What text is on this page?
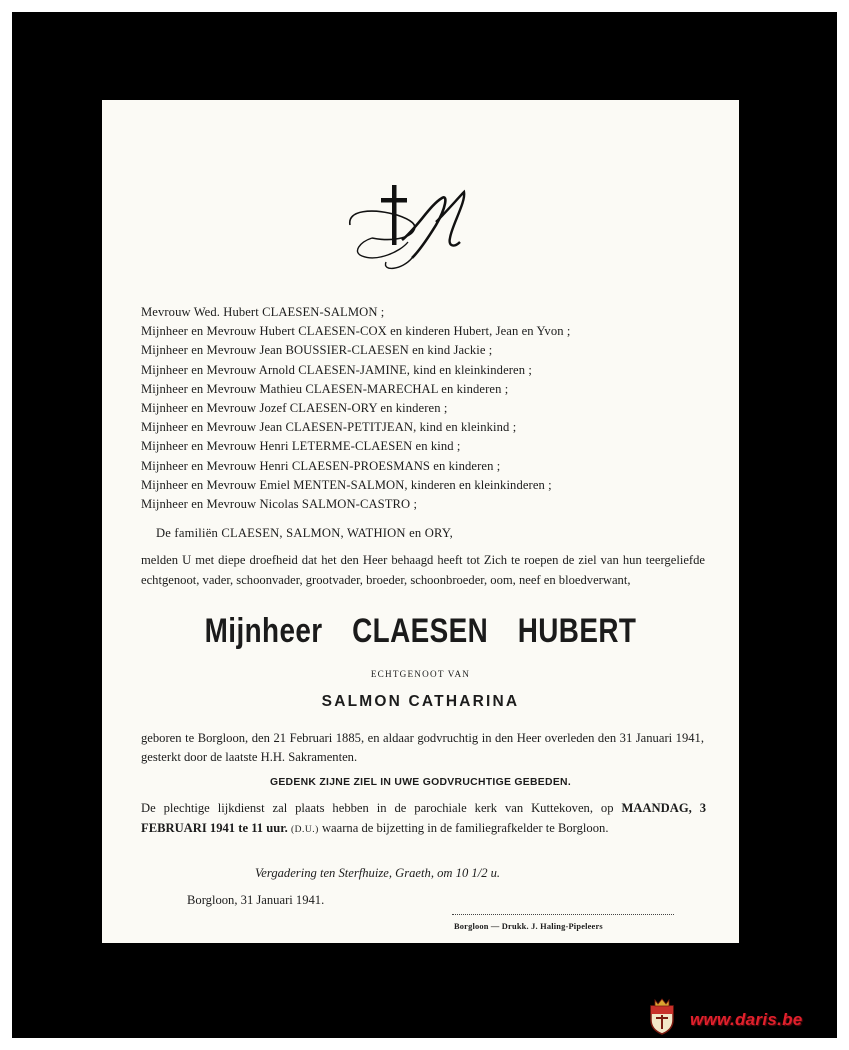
Mevrouw Wed. Hubert CLAESEN-SALMON ;
Mijnheer en Mevrouw Hubert CLAESEN-COX en kinderen Hubert, Jean en Yvon ;
Mijnheer en Mevrouw Jean BOUSSIER-CLAESEN en kind Jackie ;
Mijnheer en Mevrouw Arnold CLAESEN-JAMINE, kind en kleinkinderen ;
Mijnheer en Mevrouw Mathieu CLAESEN-MARECHAL en kinderen ;
Mijnheer en Mevrouw Jozef CLAESEN-ORY en kinderen ;
Mijnheer en Mevrouw Jean CLAESEN-PETITJEAN, kind en kleinkind ;
Mijnheer en Mevrouw Henri LETERME-CLAESEN en kind ;
Mijnheer en Mevrouw Henri CLAESEN-PROESMANS en kinderen ;
Mijnheer en Mevrouw Emiel MENTEN-SALMON, kinderen en kleinkinderen ;
Mijnheer en Mevrouw Nicolas SALMON-CASTRO ;
De familiën CLAESEN, SALMON, WATHION en ORY,
melden U met diepe droefheid dat het den Heer behaagd heeft tot Zich te roepen de ziel van hun teergeliefde echtgenoot, vader, schoonvader, grootvader, broeder, schoonbroeder, oom, neef en bloedverwant,
Mijnheer CLAESEN HUBERT
ECHTGENOOT VAN
SALMON CATHARINA
geboren te Borgloon, den 21 Februari 1885, en aldaar godvruchtig in den Heer overleden den 31 Januari 1941, gesterkt door de laatste H.H. Sakramenten.
GEDENK ZIJNE ZIEL IN UWE GODVRUCHTIGE GEBEDEN.
De plechtige lijkdienst zal plaats hebben in de parochiale kerk van Kuttekoven, op MAANDAG, 3 FEBRUARI 1941 te 11 uur. (D.U.) waarna de bijzetting in de familiegrafkelder te Borgloon.
Vergadering ten Sterfhuize, Graeth, om 10 1/2 u.
Borgloon, 31 Januari 1941.
Borgloon — Drukk. J. Haling-Pipeleers
www.daris.be
